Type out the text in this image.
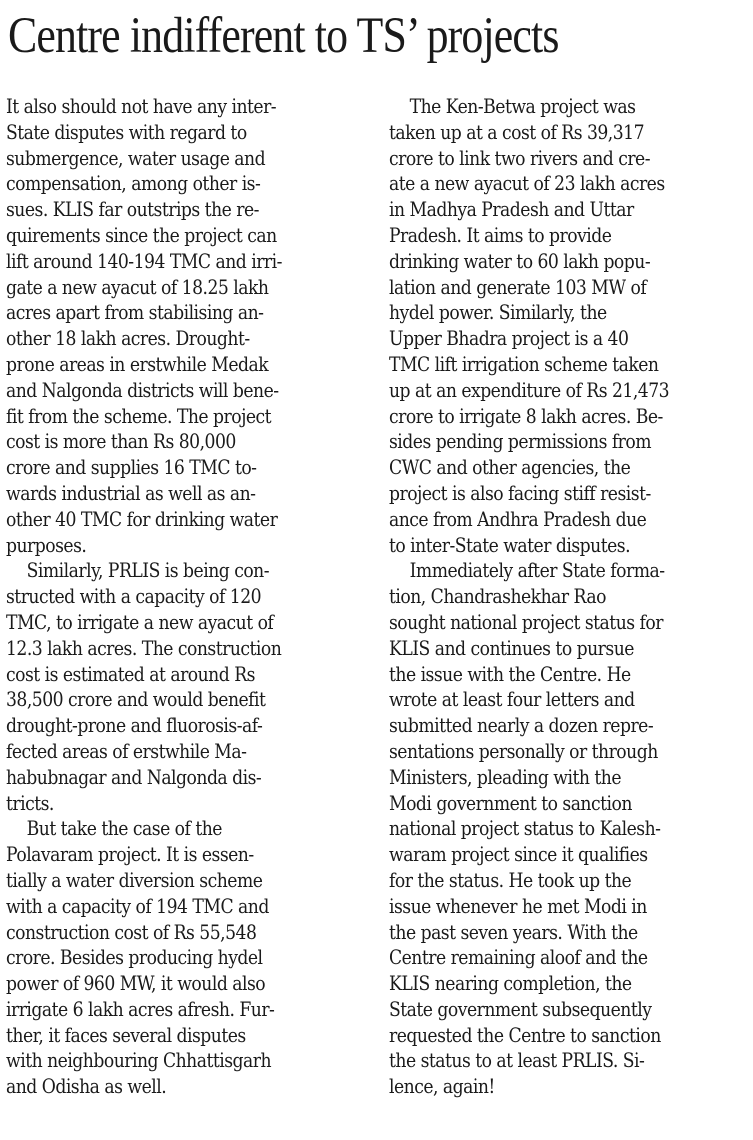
Centre indifferent to TS’ projects
It also should not have any inter-
State disputes with regard to
submergence, water usage and
compensation, among other is-
sues. KLIS far outstrips the re-
quirements since the project can
lift around 140-194 TMC and irri-
gate a new ayacut of 18.25 lakh
acres apart from stabilising an-
other 18 lakh acres. Drought-
prone areas in erstwhile Medak
and Nalgonda districts will bene-
fit from the scheme. The project
cost is more than Rs 80,000
crore and supplies 16 TMC to-
wards industrial as well as an-
other 40 TMC for drinking water
purposes.
Similarly, PRLIS is being con-
structed with a capacity of 120
TMC, to irrigate a new ayacut of
12.3 lakh acres. The construction
cost is estimated at around Rs
38,500 crore and would benefit
drought-prone and fluorosis-af-
fected areas of erstwhile Ma-
habubnagar and Nalgonda dis-
tricts.
But take the case of the
Polavaram project. It is essen-
tially a water diversion scheme
with a capacity of 194 TMC and
construction cost of Rs 55,548
crore. Besides producing hydel
power of 960 MW, it would also
irrigate 6 lakh acres afresh. Fur-
ther, it faces several disputes
with neighbouring Chhattisgarh
and Odisha as well.
The Ken-Betwa project was
taken up at a cost of Rs 39,317
crore to link two rivers and cre-
ate a new ayacut of 23 lakh acres
in Madhya Pradesh and Uttar
Pradesh. It aims to provide
drinking water to 60 lakh popu-
lation and generate 103 MW of
hydel power. Similarly, the
Upper Bhadra project is a 40
TMC lift irrigation scheme taken
up at an expenditure of Rs 21,473
crore to irrigate 8 lakh acres. Be-
sides pending permissions from
CWC and other agencies, the
project is also facing stiff resist-
ance from Andhra Pradesh due
to inter-State water disputes.
Immediately after State forma-
tion, Chandrashekhar Rao
sought national project status for
KLIS and continues to pursue
the issue with the Centre. He
wrote at least four letters and
submitted nearly a dozen repre-
sentations personally or through
Ministers, pleading with the
Modi government to sanction
national project status to Kalesh-
waram project since it qualifies
for the status. He took up the
issue whenever he met Modi in
the past seven years. With the
Centre remaining aloof and the
KLIS nearing completion, the
State government subsequently
requested the Centre to sanction
the status to at least PRLIS. Si-
lence, again!
